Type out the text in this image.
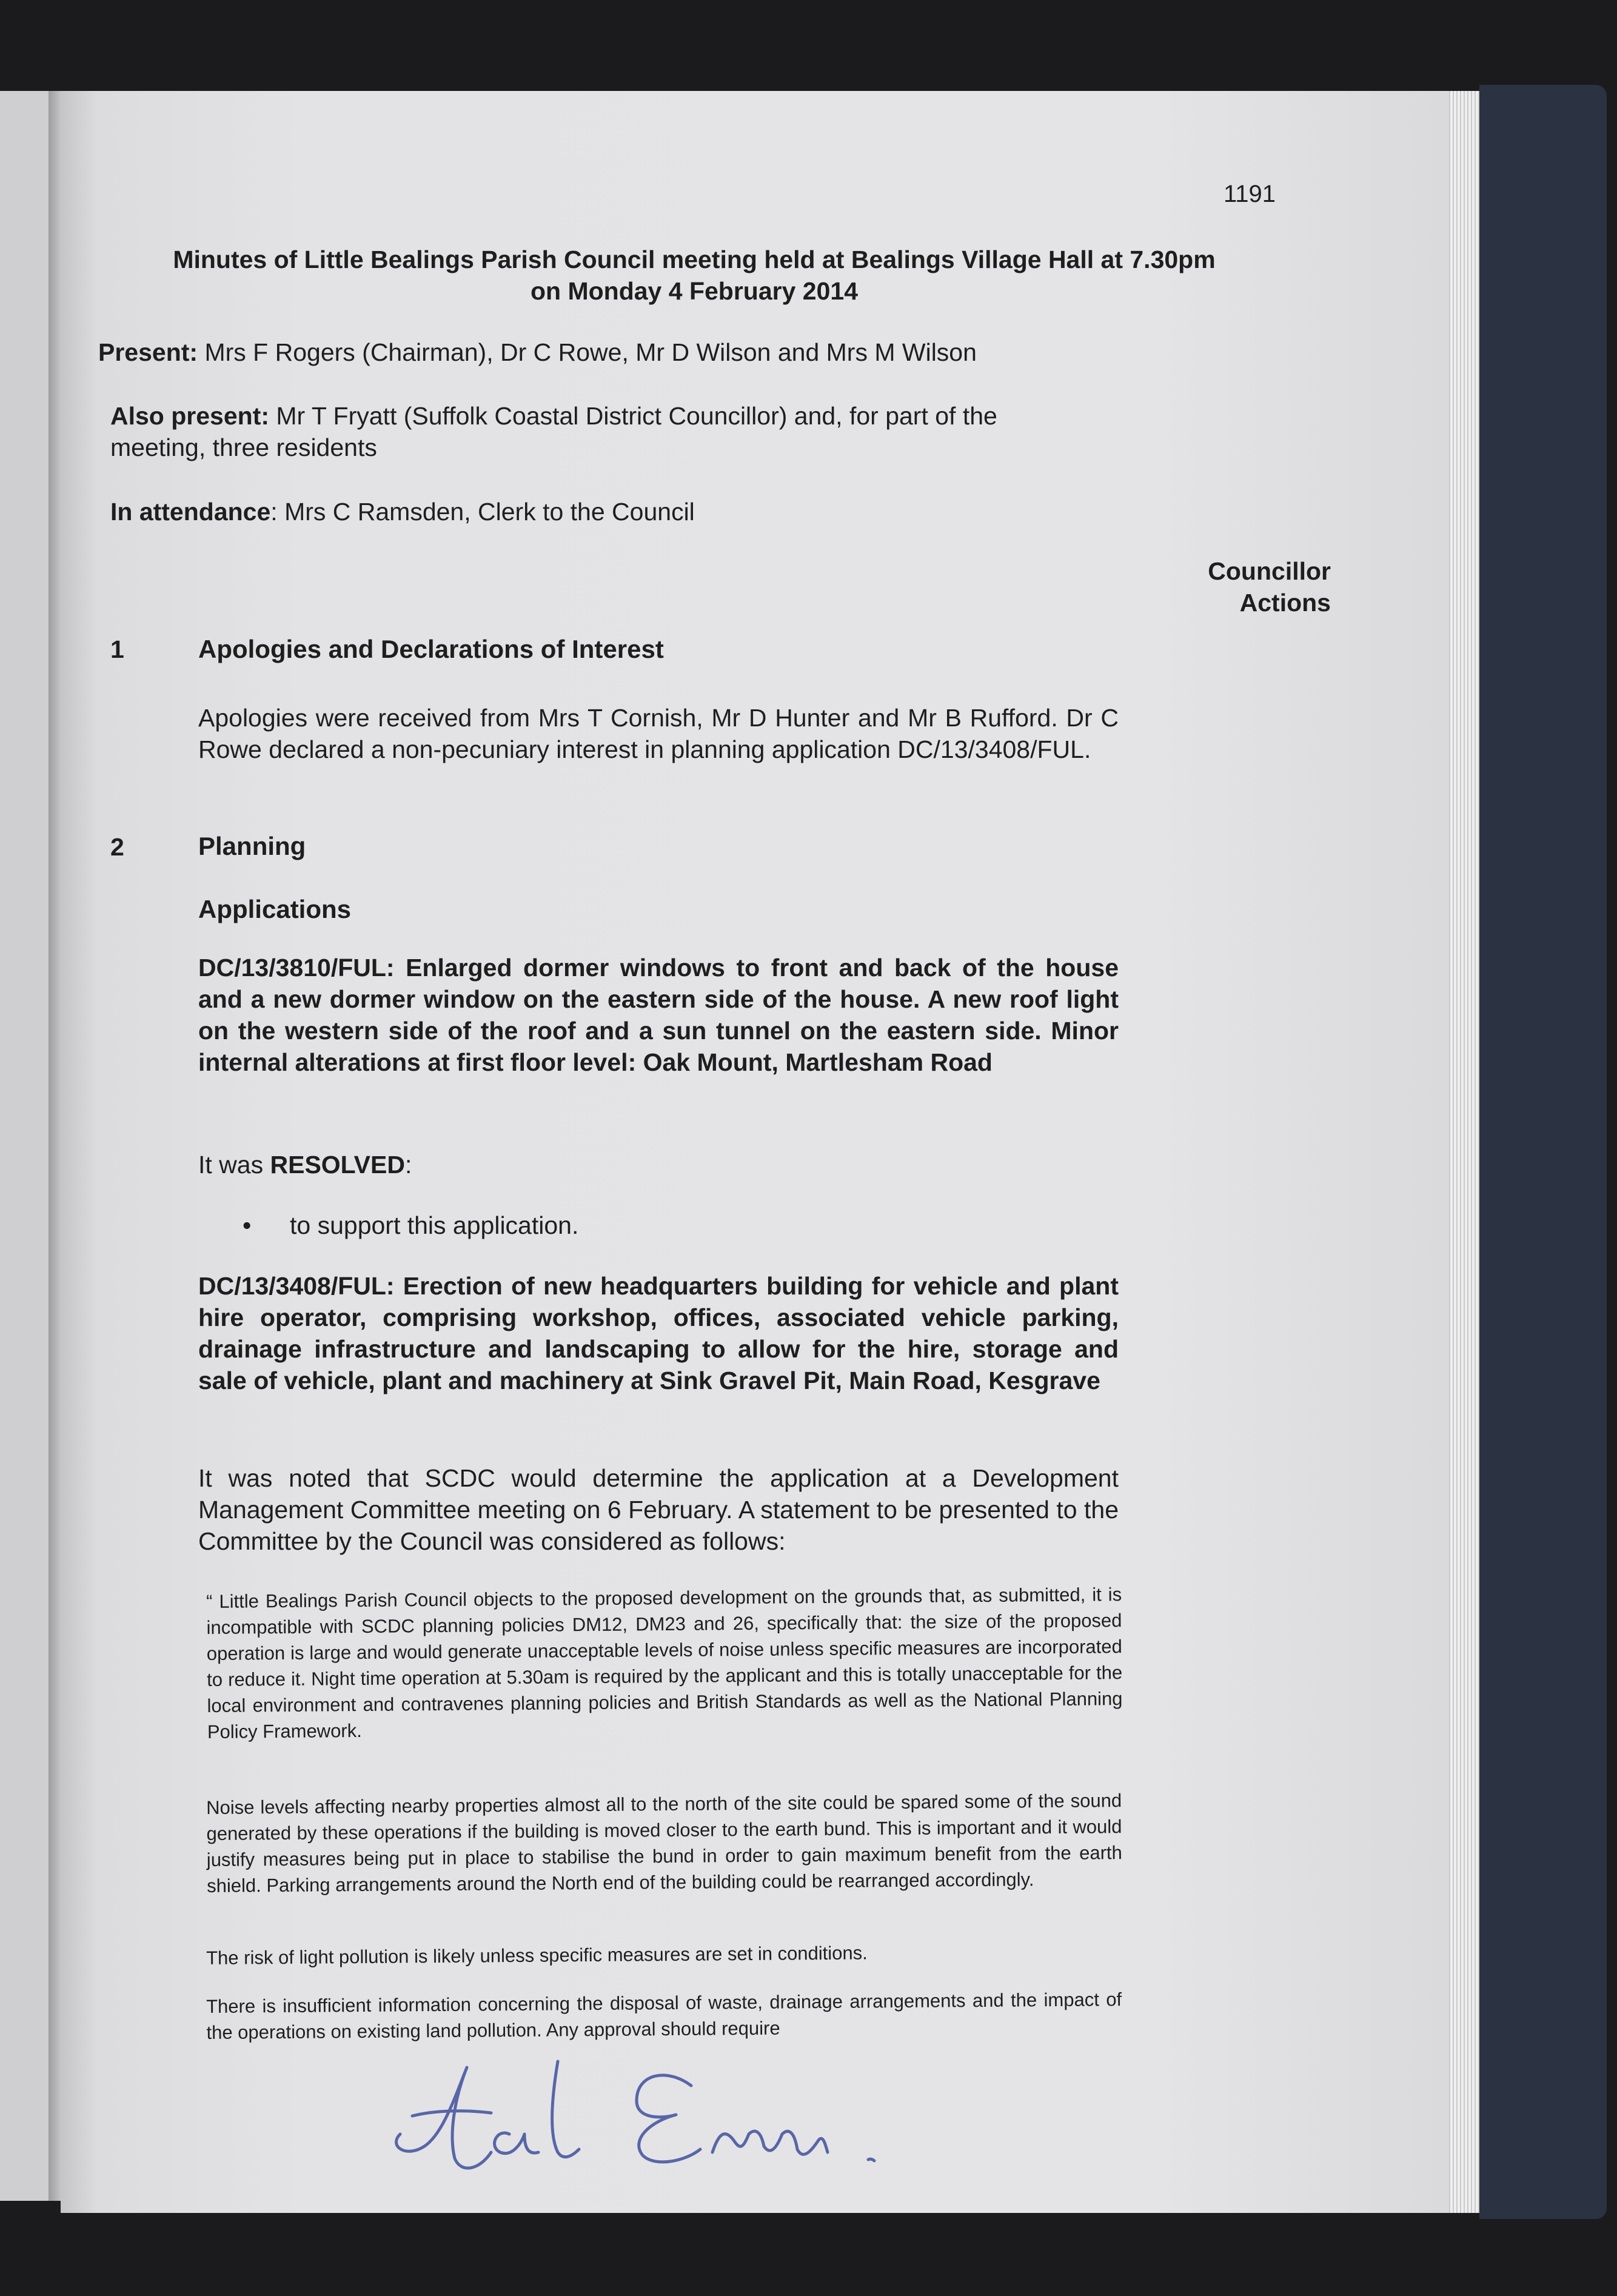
1191
Minutes of Little Bealings Parish Council meeting held at Bealings Village Hall at 7.30pm
on Monday 4 February 2014

Present: Mrs F Rogers (Chairman), Dr C Rowe, Mr D Wilson and Mrs M Wilson

Also present: Mr T Fryatt (Suffolk Coastal District Councillor) and, for part of the
meeting, three residents

In attendance: Mrs C Ramsden, Clerk to the Council

Councillor
Actions
1	Apologies and Declarations of Interest

Apologies were received from Mrs T Cornish, Mr D Hunter and Mr B Rufford. Dr C Rowe declared a non-pecuniary interest in planning application DC/13/3408/FUL.

2	Planning
Applications

DC/13/3810/FUL: Enlarged dormer windows to front and back of the house and a new dormer window on the eastern side of the house. A new roof light on the western side of the roof and a sun tunnel on the eastern side. Minor internal alterations at first floor level: Oak Mount, Martlesham Road

It was RESOLVED:

• to support this application.

DC/13/3408/FUL: Erection of new headquarters building for vehicle and plant hire operator, comprising workshop, offices, associated vehicle parking, drainage infrastructure and landscaping to allow for the hire, storage and sale of vehicle, plant and machinery at Sink Gravel Pit, Main Road, Kesgrave

It was noted that SCDC would determine the application at a Development Management Committee meeting on 6 February. A statement to be presented to the Committee by the Council was considered as follows:

“ Little Bealings Parish Council objects to the proposed development on the grounds that, as submitted, it is incompatible with SCDC planning policies DM12, DM23 and 26, specifically that: the size of the proposed operation is large and would generate unacceptable levels of noise unless specific measures are incorporated to reduce it. Night time operation at 5.30am is required by the applicant and this is totally unacceptable for the local environment and contravenes planning policies and British Standards as well as the National Planning Policy Framework.

Noise levels affecting nearby properties almost all to the north of the site could be spared some of the sound generated by these operations if the building is moved closer to the earth bund. This is important and it would justify measures being put in place to stabilise the bund in order to gain maximum benefit from the earth shield. Parking arrangements around the North end of the building could be rearranged accordingly.

The risk of light pollution is likely unless specific measures are set in conditions.

There is insufficient information concerning the disposal of waste, drainage arrangements and the impact of the operations on existing land pollution. Any approval should require
